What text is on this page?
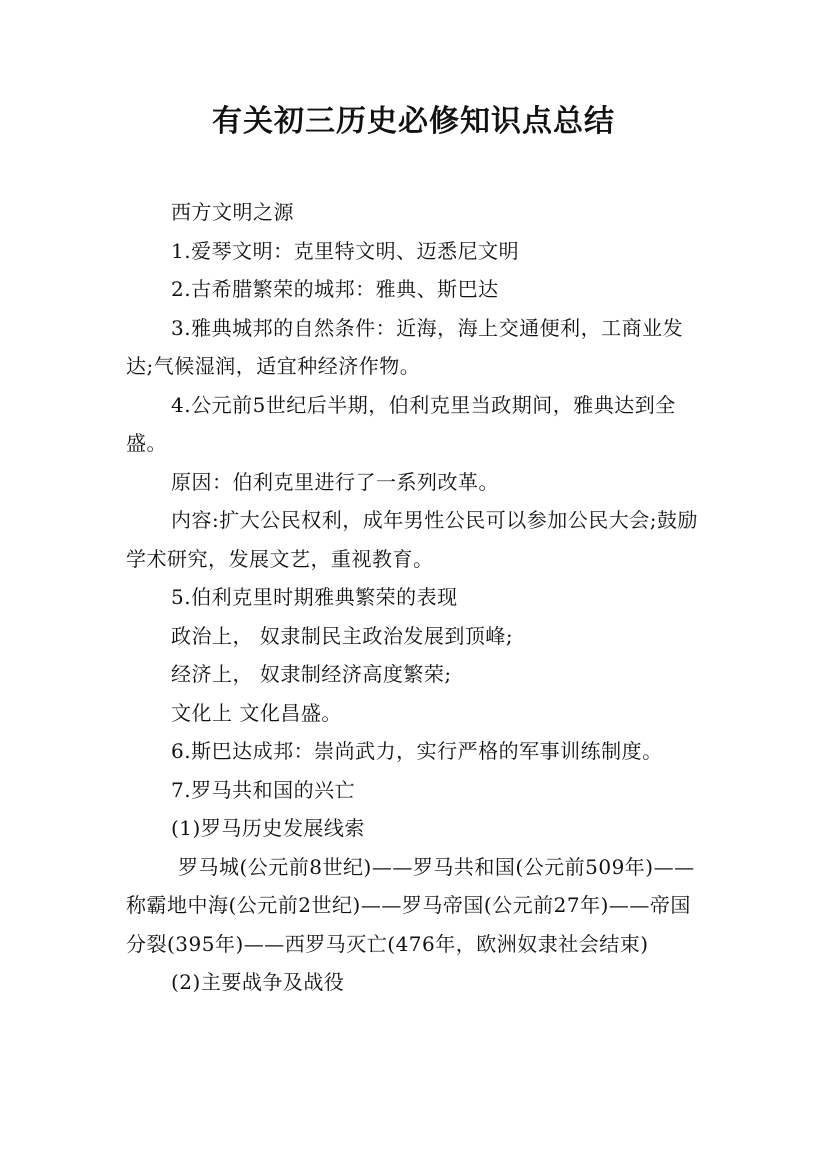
有关初三历史必修知识点总结

西方文明之源

1.爱琴文明：克里特文明、迈悉尼文明

2.古希腊繁荣的城邦：雅典、斯巴达

3.雅典城邦的自然条件：近海，海上交通便利，工商业发达;气候湿润，适宜种经济作物。

4.公元前5世纪后半期，伯利克里当政期间，雅典达到全盛。

原因：伯利克里进行了一系列改革。

内容:扩大公民权利，成年男性公民可以参加公民大会;鼓励学术研究，发展文艺，重视教育。

5.伯利克里时期雅典繁荣的表现

政治上， 奴隶制民主政治发展到顶峰;

经济上， 奴隶制经济高度繁荣;

文化上 文化昌盛。

6.斯巴达成邦：崇尚武力，实行严格的军事训练制度。

7.罗马共和国的兴亡

(1)罗马历史发展线索

罗马城(公元前8世纪)——罗马共和国(公元前509年)——称霸地中海(公元前2世纪)——罗马帝国(公元前27年)——帝国分裂(395年)——西罗马灭亡(476年，欧洲奴隶社会结束)

(2)主要战争及战役
